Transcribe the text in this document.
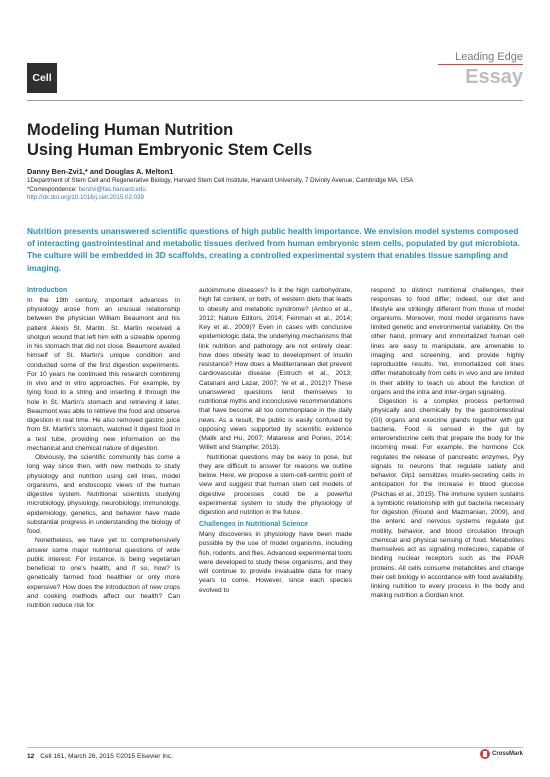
Cell
Leading Edge
Essay
Modeling Human Nutrition
Using Human Embryonic Stem Cells
Danny Ben-Zvi1,* and Douglas A. Melton1
1Department of Stem Cell and Regenerative Biology, Harvard Stem Cell Institute, Harvard University, 7 Divinity Avenue, Cambridge MA, USA
*Correspondence: benzvi@fas.harvard.edu
http://dx.doi.org/10.1016/j.cell.2015.02.039
Nutrition presents unanswered scientific questions of high public health importance. We envision model systems composed of interacting gastrointestinal and metabolic tissues derived from human embryonic stem cells, populated by gut microbiota. The culture will be embedded in 3D scaffolds, creating a controlled experimental system that enables tissue sampling and imaging.
Introduction

In the 19th century, important advances in physiology arose from an unusual relationship between the physician William Beaumont and his patient Alexis St. Martin. St. Martin received a shotgun wound that left him with a sizeable opening in his stomach that did not close. Beaumont availed himself of St. Martin's unique condition and conducted some of the first digestion experiments. For 10 years he continued this research combining in vivo and in vitro approaches. For example, by tying food to a string and inserting it through the hole in St. Martin's stomach and retrieving it later, Beaumont was able to retrieve the food and observe digestion in real time. He also removed gastric juice from St. Martin's stomach, watched it digest food in a test tube, providing new information on the mechanical and chemical nature of digestion.

Obviously, the scientific community has come a long way since then, with new methods to study physiology and nutrition using cell lines, model organisms, and endoscopic views of the human digestive system. Nutritional scientists studying microbiology, physiology, neurobiology, immunology, epidemiology, genetics, and behavior have made substantial progress in understanding the biology of food.

Nonetheless, we have yet to comprehensively answer some major nutritional questions of wide public interest. For instance, is being vegetarian beneficial to one's health, and if so, how? Is genetically farmed food healthier or only more expensive? How does the introduction of new crops and cooking methods affect our health? Can nutrition reduce risk for

autoimmune diseases? Is it the high carbohydrate, high fat content, or both, of western diets that leads to obesity and metabolic syndrome? (Antico et al., 2012; Nature Editors, 2014; Feinman et al., 2014; Key et al., 2009)? Even in cases with conclusive epidemiologic data, the underlying mechanisms that link nutrition and pathology are not entirely clear: how does obesity lead to development of insulin resistance? How does a Mediterranean diet prevent cardiovascular disease (Estruch et al., 2013; Catanani and Lazar, 2007; Ye et al., 2012)? These unanswered questions lend themselves to nutritional myths and inconclusive recommendations that have become all too commonplace in the daily news. As a result, the public is easily confused by opposing views supported by scientific evidence (Malik and Hu, 2007; Matarese and Pories, 2014; Willett and Stampfer, 2013).

Nutritional questions may be easy to pose, but they are difficult to answer for reasons we outline below. Here, we propose a stem-cell-centric point of view and suggest that human stem cell models of digestive processes could be a powerful experimental system to study the physiology of digestion and nutrition in the future.

Challenges in Nutritional Science

Many discoveries in physiology have been made possible by the use of model organisms, including fish, rodents, and flies. Advanced experimental tools were developed to study these organisms, and they will continue to provide invaluable data for many years to come. However, since each species evolved to

respond to distinct nutritional challenges, their responses to food differ; indeed, our diet and lifestyle are strikingly different from those of model organisms. Moreover, most model organisms have limited genetic and environmental variability. On the other hand, primary and immortalized human cell lines are easy to manipulate, are amenable to imaging and screening, and provide highly reproducible results. Yet, immortalized cell lines differ metabolically from cells in vivo and are limited in their ability to teach us about the function of organs and the intra and inter-organ signaling.

Digestion is a complex process performed physically and chemically by the gastrointestinal (GI) organs and exocrine glands together with gut bacteria. Food is sensed in the gut by enteroendocrine cells that prepare the body for the incoming meal: For example, the hormone Cck regulates the release of pancreatic enzymes, Pyy signals to neurons that regulate satiety and behavior, Glp1 sensitizes insulin-secreting cells in anticipation for the increase in blood glucose (Psichas et al., 2015). The immune system sustains a symbiotic relationship with gut bacteria necessary for digestion (Round and Mazmanian, 2009), and the enteric and nervous systems regulate gut motility, behavior, and blood circulation through chemical and physical sensing of food. Metabolites themselves act as signaling molecules, capable of binding nuclear receptors such as the PPAR proteins. All cells consume metabolites and change their cell biology in accordance with food availability, linking nutrition to every process in the body and making nutrition a Gordian knot.

12 Cell 161, March 26, 2015 ©2015 Elsevier Inc.	CrossMark
